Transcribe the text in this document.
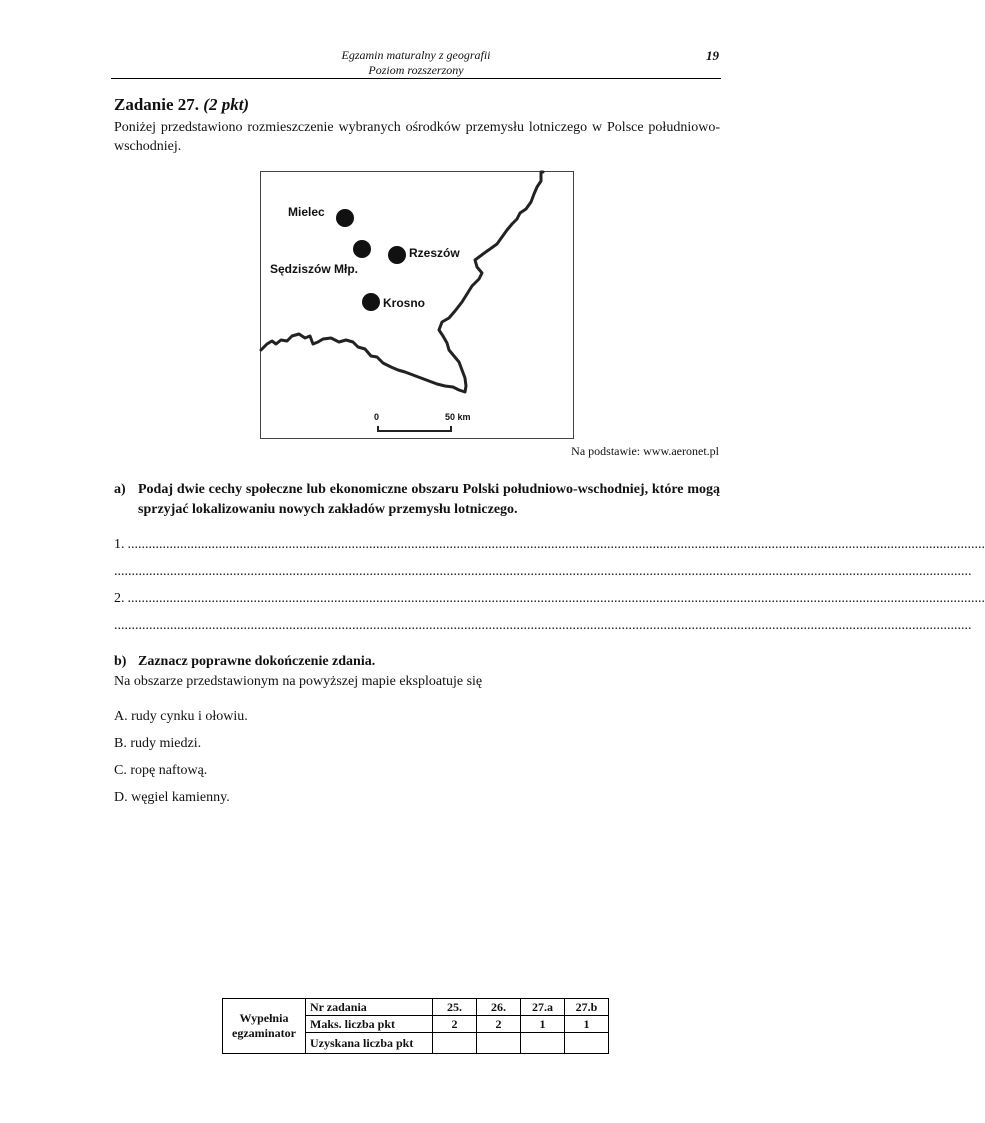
Egzamin maturalny z geografii
Poziom rozszerzony
19
Zadanie 27. (2 pkt)
Poniżej przedstawiono rozmieszczenie wybranych ośrodków przemysłu lotniczego w Polsce południowo-wschodniej.
Mielec
Sędziszów Młp.
Rzeszów
Krosno
0	50 km
Na podstawie: www.aeronet.pl
a) Podaj dwie cechy społeczne lub ekonomiczne obszaru Polski południowo-wschodniej, które mogą sprzyjać lokalizowaniu nowych zakładów przemysłu lotniczego.
1. .....................................................................................................................................................................................................................................................
.....................................................................................................................................................................................................................................................
2. .....................................................................................................................................................................................................................................................
.....................................................................................................................................................................................................................................................
b) Zaznacz poprawne dokończenie zdania.
Na obszarze przedstawionym na powyższej mapie eksploatuje się
A. rudy cynku i ołowiu.
B. rudy miedzi.
C. ropę naftową.
D. węgiel kamienny.
Wypełnia egzaminator	Nr zadania	25.	26.	27.a	27.b
	Maks. liczba pkt	2	2	1	1
	Uzyskana liczba pkt				
